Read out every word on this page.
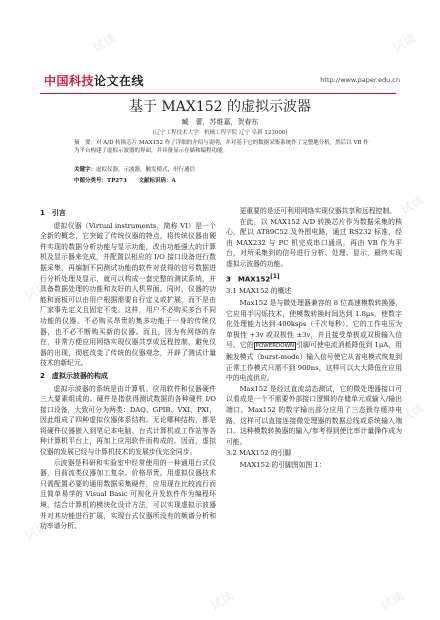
试读	试读
试读
试读
试读
试读
试读	试读
中国科技论文在线	http://www.paper.edu.cn
基于 MAX152 的虚拟示波器
臧　蕾，苏维嘉，贺春东
(辽宁工程技术大学　机械工程学院 辽宁 阜新 123000)
摘　要：对 A/D 转换芯片 MAX152 作了详细的介绍与说明，并对基于它的数据采集系统作了完整地分析，然后以 VB 作为平台构建了虚拟示波器的界面，并具备显示存储和编程功能。
关键字：虚拟仪器，示波器，触发模式，串行通信
中图分类号：TP273 文献标识码：A
1　引言

虚拟仪器（Virtual instruments，简称 VI）是一个全新的概念，它突破了传统仪器的特点，将传统仪器由硬件实现的数据分析功能与显示功能，改由功能强大的计算机及显示器来完成，并配置以相应的 I/O 接口设备进行数据采集，再编制不同测试功能的软件对获得的信号数据进行分析处理及显示，就可以构成一套完整的测试系统，并具备数据处理的功能和友好的人机界面。同时，仪器的功能和面板可以由用户根据需要自行定义或扩展，而不是由厂家事先定义且固定不变。这样，用户不必购买多台不同功能的仪器，不必购买昂贵的集多功能于一身的传统仪器，也不必不断购买新的仪器。而且，因为有网络的存在，非常方便应用网络实现仪器共享或远程控制，避免仪器的出现，彻底改变了传统的仪器观念，开辟了测试计量技术的新纪元。

2　虚拟示波器的构成

虚拟示波器的系统是由计算机、应用软件和仪器硬件三大要素组成的。硬件是指获得测试数据的各种硬件 I/O 接口设备，大致可分为两类：DAQ、GPIB、VXI、PXI，因此组成了四种虚拟仪器体系结构。无论哪种结构，都是将硬件仪器嵌入到笔记本电脑、台式计算机或工作站等各种计算机平台上，再加上应用软件而构成的。因而，虚拟仪器的发展已经与计算机技术的发展步伐完全同步。

示波器是科研和实验室中经常使用的一种通用台式仪器，目前流类仪器加工复杂、价格昂贵。用虚拟仪器技术只需配置必要的通用数据采集硬件，应用现在比较流行而且简单易学的 Visual Basic 可视化开发软件作为编程环境，结合计算机的模块化设计方法，可以实现虚拟示波器并对其功能进行扩展，实现台式仪器所没有的频谱分析和功率谱分析。

更重要的是还可利用网络实现仪器共享和远程控制。

在此，以 MAX152 A/D 转换芯片作为数据采集的核心，配以 AT89C52 及外围电路，通过 RS232 标准，经由 MAX232 与 PC 机完成串口通讯，再由 VB 作为平台，对所采集到的信号进行分析、处理、显示，最终实现虚拟示波器的功能。

3　MAX152[1]
3.1 MAX152 的概述

Max152 是与微处理器兼容的 8 位高速模数转换器，它应用半闪烁技术，使模数转换时间达到 1.8μs，使数字化处理能力达到 400ksps（千次每秒）。它的工作电压为单极性 +3v 或双极性 ±3v，并且接受单极或双极输入信号。它的 POWERDOWN 引脚可使电流消耗降低到 1μA，用触发模式（burst-mode）输入信号使它从省电模式恢复到正常工作模式只需不到 900ns，这样可以大大降低在应用中的电流供应。

Max152 是经过直流动态测试，它的微处理器接口可以看成是一个不需要外部接口逻辑的存储单元或输入/输出端口。Max152 的数字输出部分应用了三态锁存缓冲电路，这样可以直接连接微处理器的数据总线或系统输入端口。这种模数转换器的输入/参考得到使比率计量操作成为可能。

3.2 MAX152 的引脚

MAX152 的引脚图如图 1：
